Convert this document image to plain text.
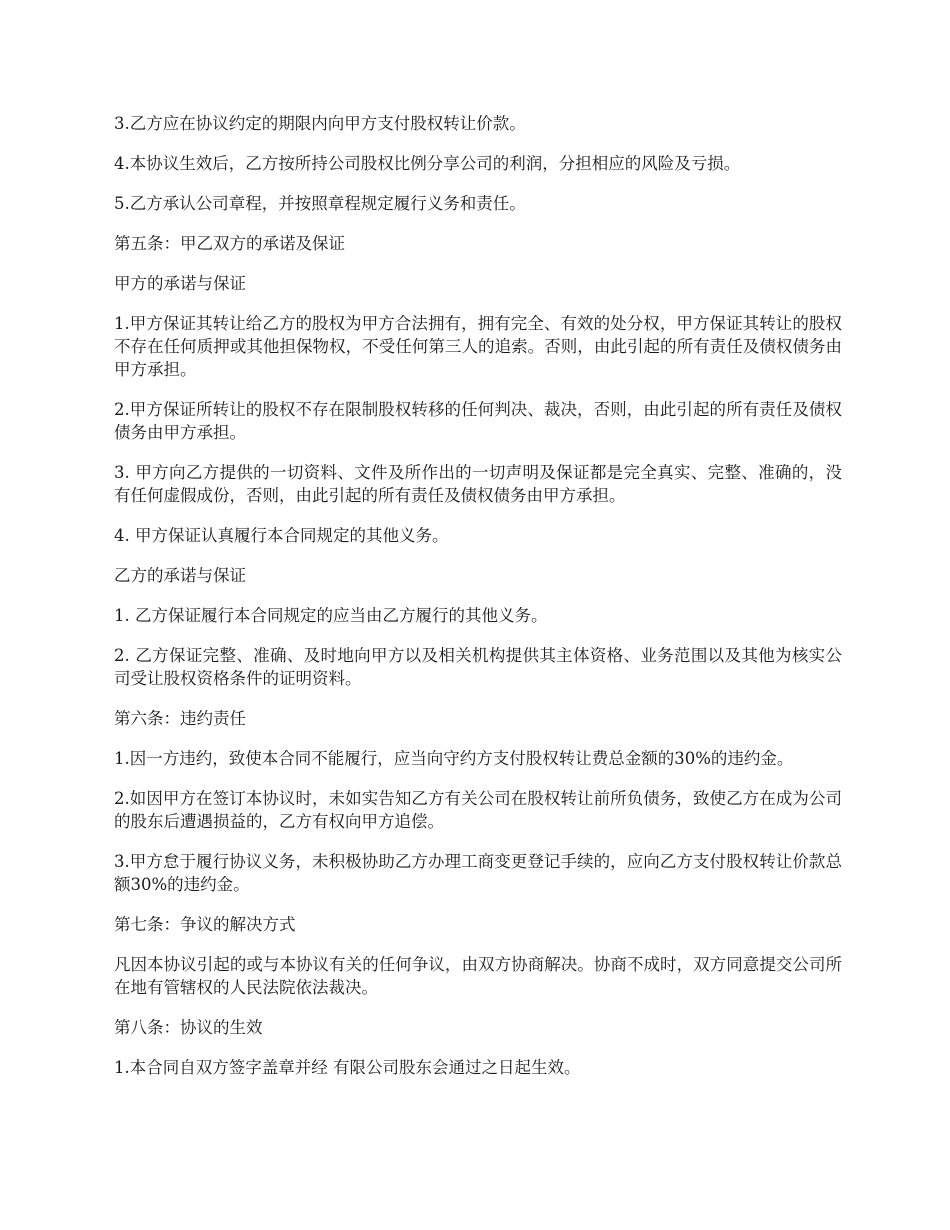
3.乙方应在协议约定的期限内向甲方支付股权转让价款。

4.本协议生效后，乙方按所持公司股权比例分享公司的利润，分担相应的风险及亏损。

5.乙方承认公司章程，并按照章程规定履行义务和责任。

第五条：甲乙双方的承诺及保证

甲方的承诺与保证

1.甲方保证其转让给乙方的股权为甲方合法拥有，拥有完全、有效的处分权，甲方保证其转让的股权不存在任何质押或其他担保物权，不受任何第三人的追索。否则，由此引起的所有责任及债权债务由甲方承担。

2.甲方保证所转让的股权不存在限制股权转移的任何判决、裁决，否则，由此引起的所有责任及债权债务由甲方承担。

3. 甲方向乙方提供的一切资料、文件及所作出的一切声明及保证都是完全真实、完整、准确的，没有任何虚假成份，否则，由此引起的所有责任及债权债务由甲方承担。

4. 甲方保证认真履行本合同规定的其他义务。

乙方的承诺与保证

1. 乙方保证履行本合同规定的应当由乙方履行的其他义务。

2. 乙方保证完整、准确、及时地向甲方以及相关机构提供其主体资格、业务范围以及其他为核实公司受让股权资格条件的证明资料。

第六条：违约责任

1.因一方违约，致使本合同不能履行，应当向守约方支付股权转让费总金额的30%的违约金。

2.如因甲方在签订本协议时，未如实告知乙方有关公司在股权转让前所负债务，致使乙方在成为公司的股东后遭遇损益的，乙方有权向甲方追偿。

3.甲方怠于履行协议义务，未积极协助乙方办理工商变更登记手续的，应向乙方支付股权转让价款总额30%的违约金。

第七条：争议的解决方式

凡因本协议引起的或与本协议有关的任何争议，由双方协商解决。协商不成时，双方同意提交公司所在地有管辖权的人民法院依法裁决。

第八条：协议的生效

1.本合同自双方签字盖章并经 有限公司股东会通过之日起生效。
